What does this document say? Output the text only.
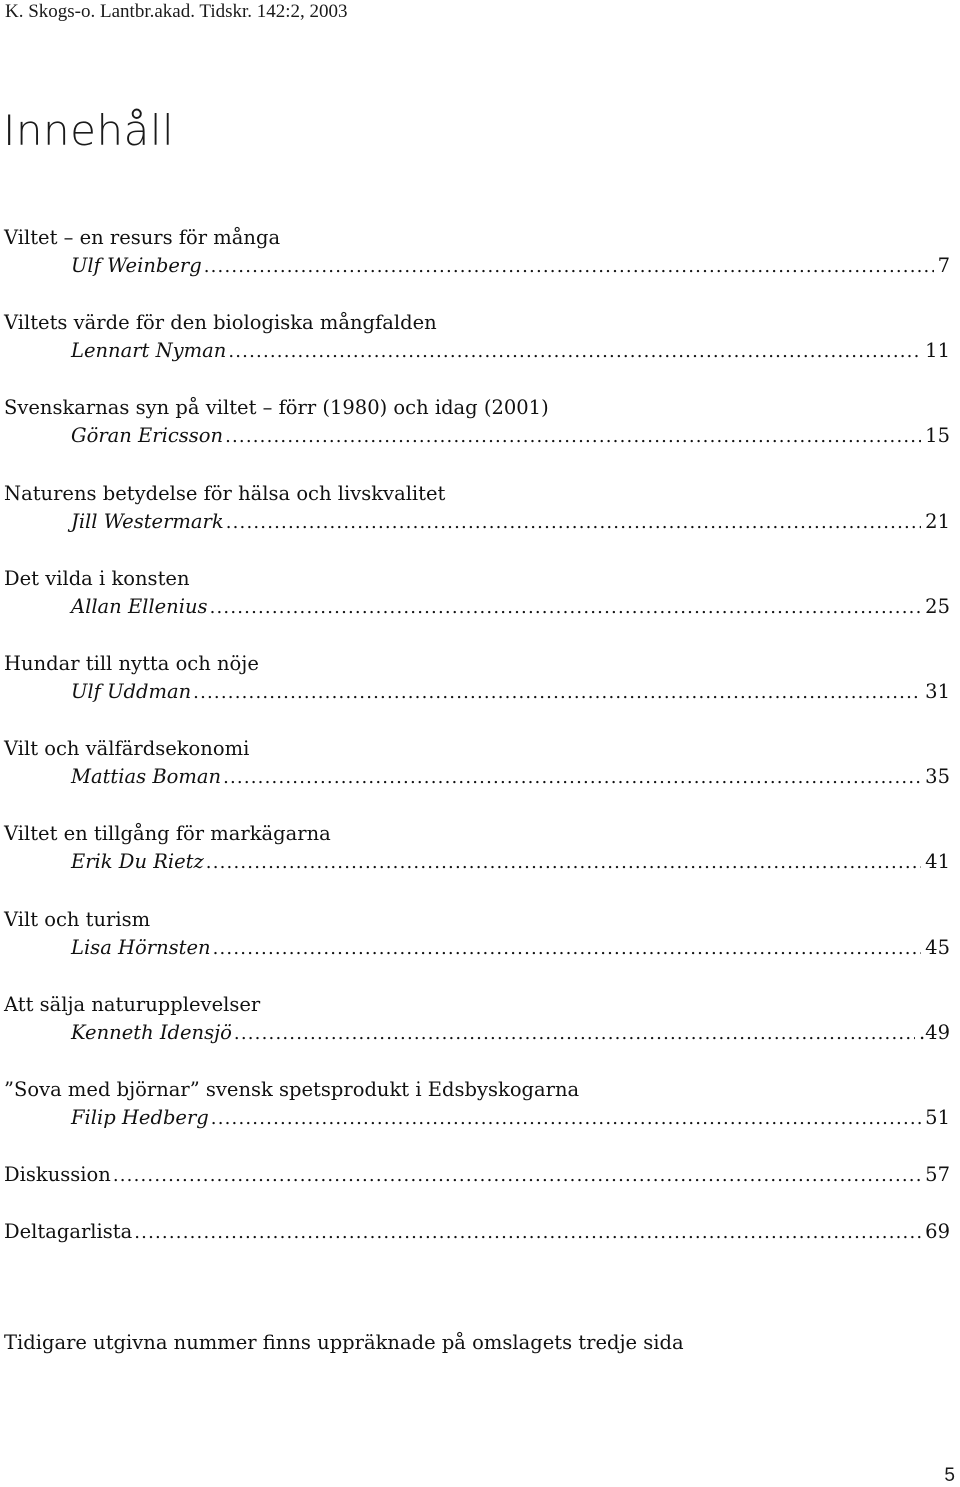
K. Skogs-o. Lantbr.akad. Tidskr. 142:2, 2003
Innehåll
Viltet – en resurs för många
Ulf Weinberg .....	7
Viltets värde för den biologiska mångfalden
Lennart Nyman .....	11
Svenskarnas syn på viltet – förr (1980) och idag (2001)
Göran Ericsson .....	15
Naturens betydelse för hälsa och livskvalitet
Jill Westermark .....	21
Det vilda i konsten
Allan Ellenius .....	25
Hundar till nytta och nöje
Ulf Uddman .....	31
Vilt och välfärdsekonomi
Mattias Boman .....	35
Viltet en tillgång för markägarna
Erik Du Rietz .....	41
Vilt och turism
Lisa Hörnsten .....	45
Att sälja naturupplevelser
Kenneth Idensjö .....	.49
”Sova med björnar” svensk spetsprodukt i Edsbyskogarna
Filip Hedberg .....	51
Diskussion .....	57
Deltagarlista .....	69
Tidigare utgivna nummer finns uppräknade på omslagets tredje sida
5
